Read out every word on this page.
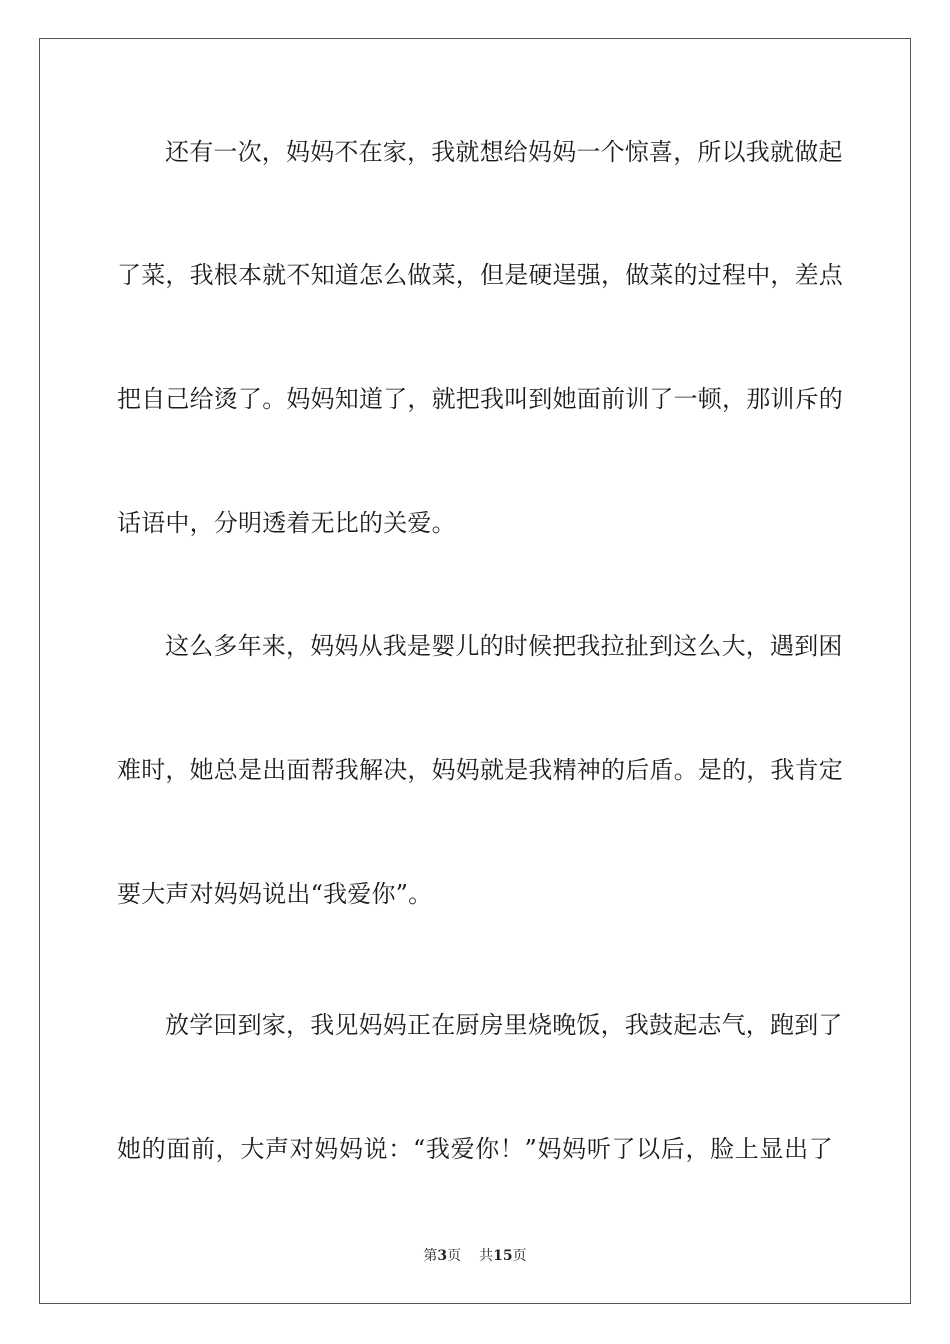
还有一次，妈妈不在家，我就想给妈妈一个惊喜，所以我就做起
了菜，我根本就不知道怎么做菜，但是硬逞强，做菜的过程中，差点
把自己给烫了。妈妈知道了，就把我叫到她面前训了一顿，那训斥的
话语中，分明透着无比的关爱。
这么多年来，妈妈从我是婴儿的时候把我拉扯到这么大，遇到困
难时，她总是出面帮我解决，妈妈就是我精神的后盾。是的，我肯定
要大声对妈妈说出“我爱你”。
放学回到家，我见妈妈正在厨房里烧晚饭，我鼓起志气，跑到了
她的面前，大声对妈妈说：“我爱你！”妈妈听了以后，脸上显出了
第3页 共15页
